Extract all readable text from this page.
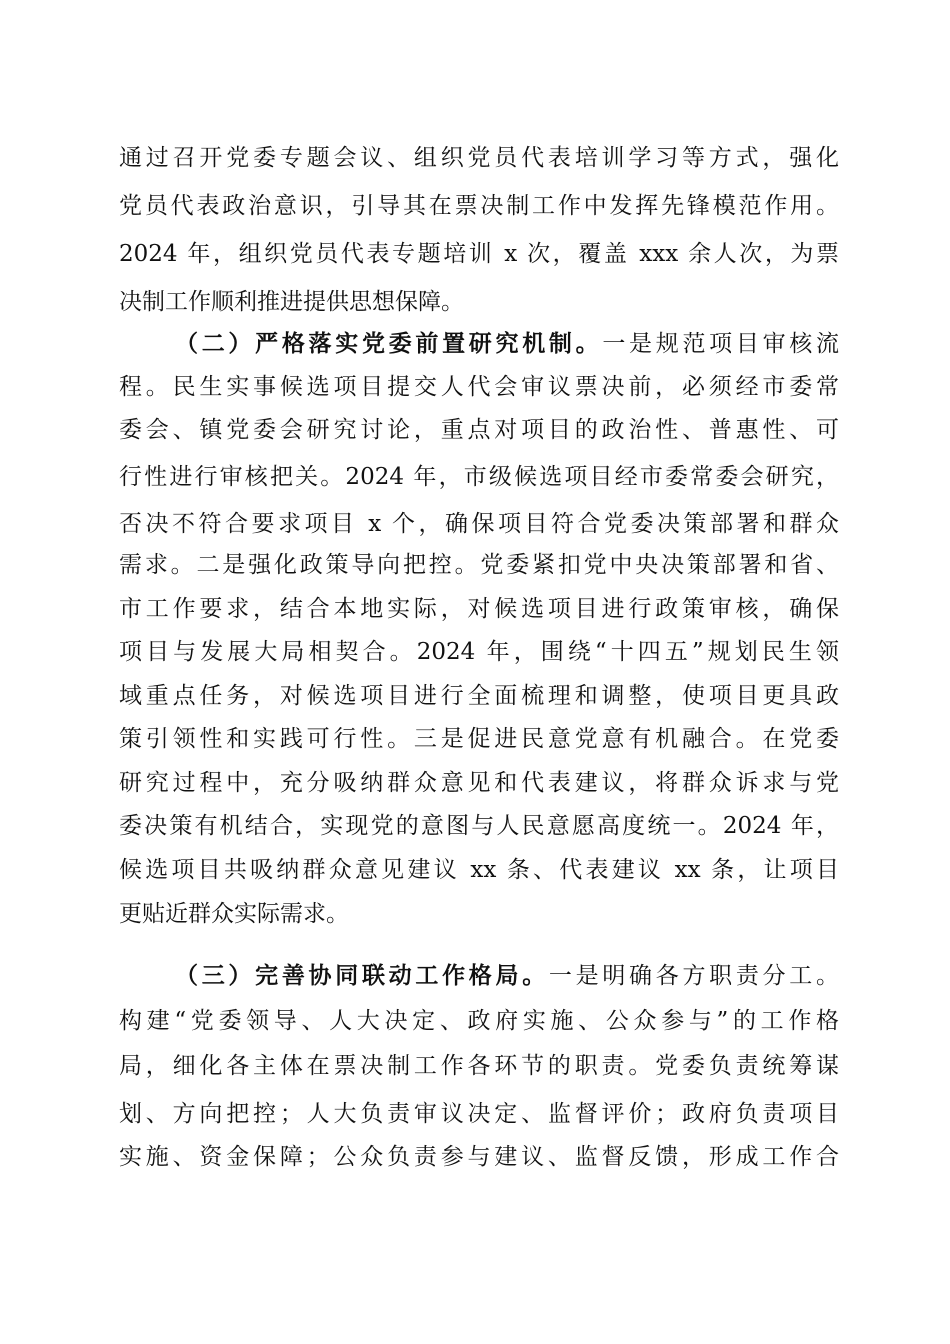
通过召开党委专题会议、组织党员代表培训学习等方式，强化
党员代表政治意识，引导其在票决制工作中发挥先锋模范作用。
2024 年，组织党员代表专题培训 x 次，覆盖 xxx 余人次，为票
决制工作顺利推进提供思想保障。
（二）严格落实党委前置研究机制。一是规范项目审核流
程。民生实事候选项目提交人代会审议票决前，必须经市委常
委会、镇党委会研究讨论，重点对项目的政治性、普惠性、可
行性进行审核把关。2024 年，市级候选项目经市委常委会研究，
否决不符合要求项目 x 个，确保项目符合党委决策部署和群众
需求。二是强化政策导向把控。党委紧扣党中央决策部署和省、
市工作要求，结合本地实际，对候选项目进行政策审核，确保
项目与发展大局相契合。2024 年，围绕“十四五”规划民生领
域重点任务，对候选项目进行全面梳理和调整，使项目更具政
策引领性和实践可行性。三是促进民意党意有机融合。在党委
研究过程中，充分吸纳群众意见和代表建议，将群众诉求与党
委决策有机结合，实现党的意图与人民意愿高度统一。2024 年，
候选项目共吸纳群众意见建议 xx 条、代表建议 xx 条，让项目
更贴近群众实际需求。
（三）完善协同联动工作格局。一是明确各方职责分工。
构建“党委领导、人大决定、政府实施、公众参与”的工作格
局，细化各主体在票决制工作各环节的职责。党委负责统筹谋
划、方向把控；人大负责审议决定、监督评价；政府负责项目
实施、资金保障；公众负责参与建议、监督反馈，形成工作合
